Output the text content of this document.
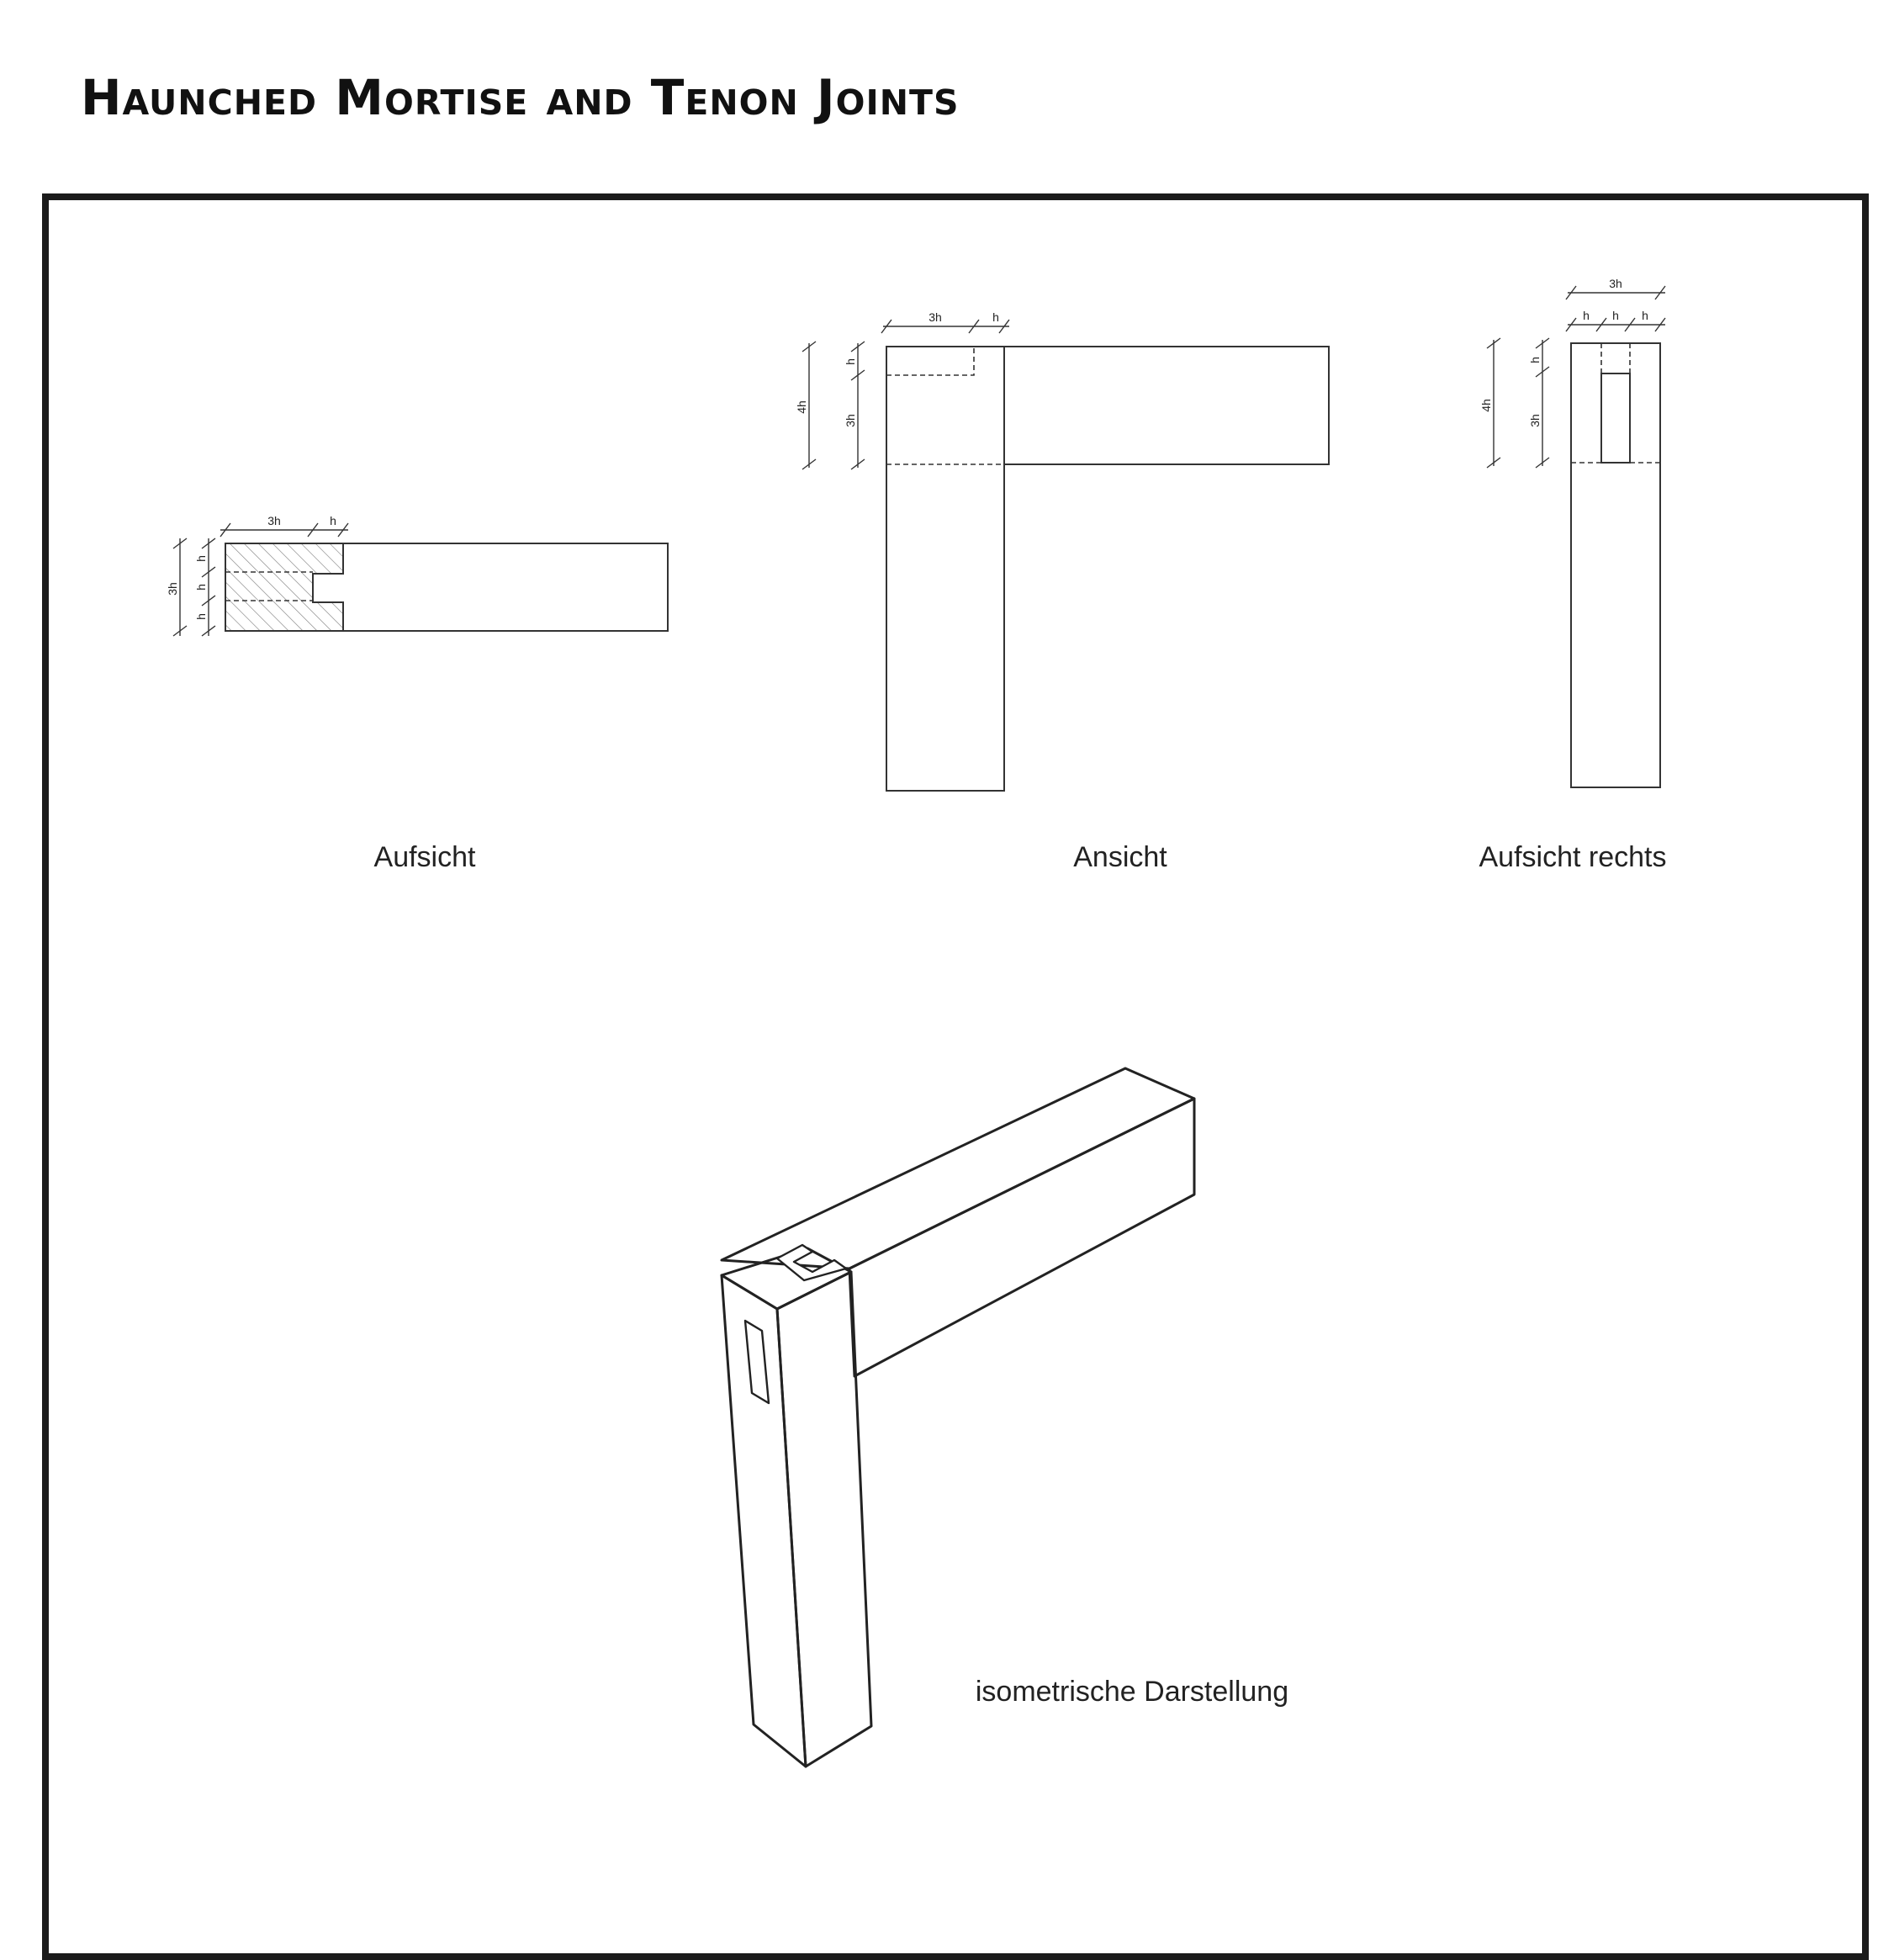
Haunched Mortise and Tenon Joints
3h	h
3h
h
h
h
Aufsicht
3h	h
4h
h
3h
Ansicht
3h
h h h
4h
h
3h
Aufsicht rechts
isometrische Darstellung
